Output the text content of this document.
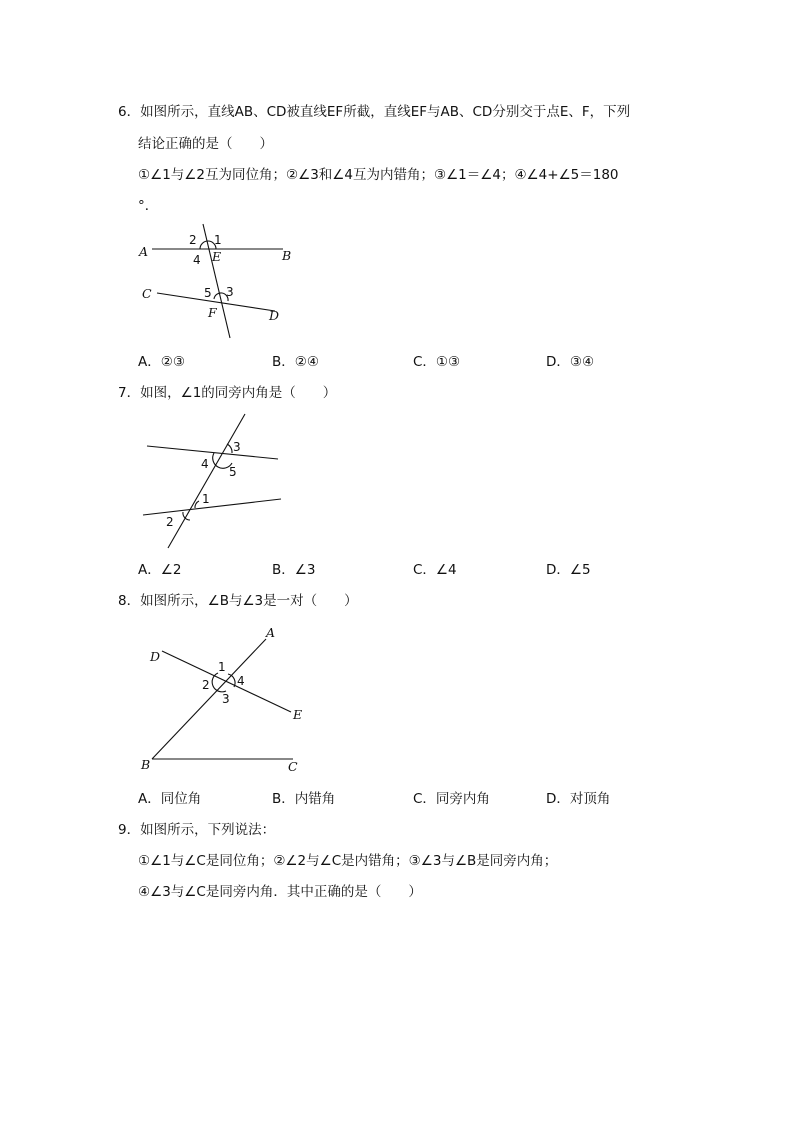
6．如图所示，直线AB、CD被直线EF所截，直线EF与AB、CD分别交于点E、F，下列
结论正确的是（　　）
①∠1与∠2互为同位角；②∠3和∠4互为内错角；③∠1＝∠4；④∠4+∠5＝180
°．
A	B
C
D
E
F
1
2
3
4
5
A．②③	B．②④	C．①③	D．③④
7．如图，∠1的同旁内角是（　　）
1
2
3
4
5
A．∠2	B．∠3	C．∠4	D．∠5
8．如图所示，∠B与∠3是一对（　　）
A
B	C
D
E
1
2
3
4
A．同位角	B．内错角	C．同旁内角	D．对顶角
9．如图所示，下列说法：
①∠1与∠C是同位角；②∠2与∠C是内错角；③∠3与∠B是同旁内角；
④∠3与∠C是同旁内角．其中正确的是（　　）
